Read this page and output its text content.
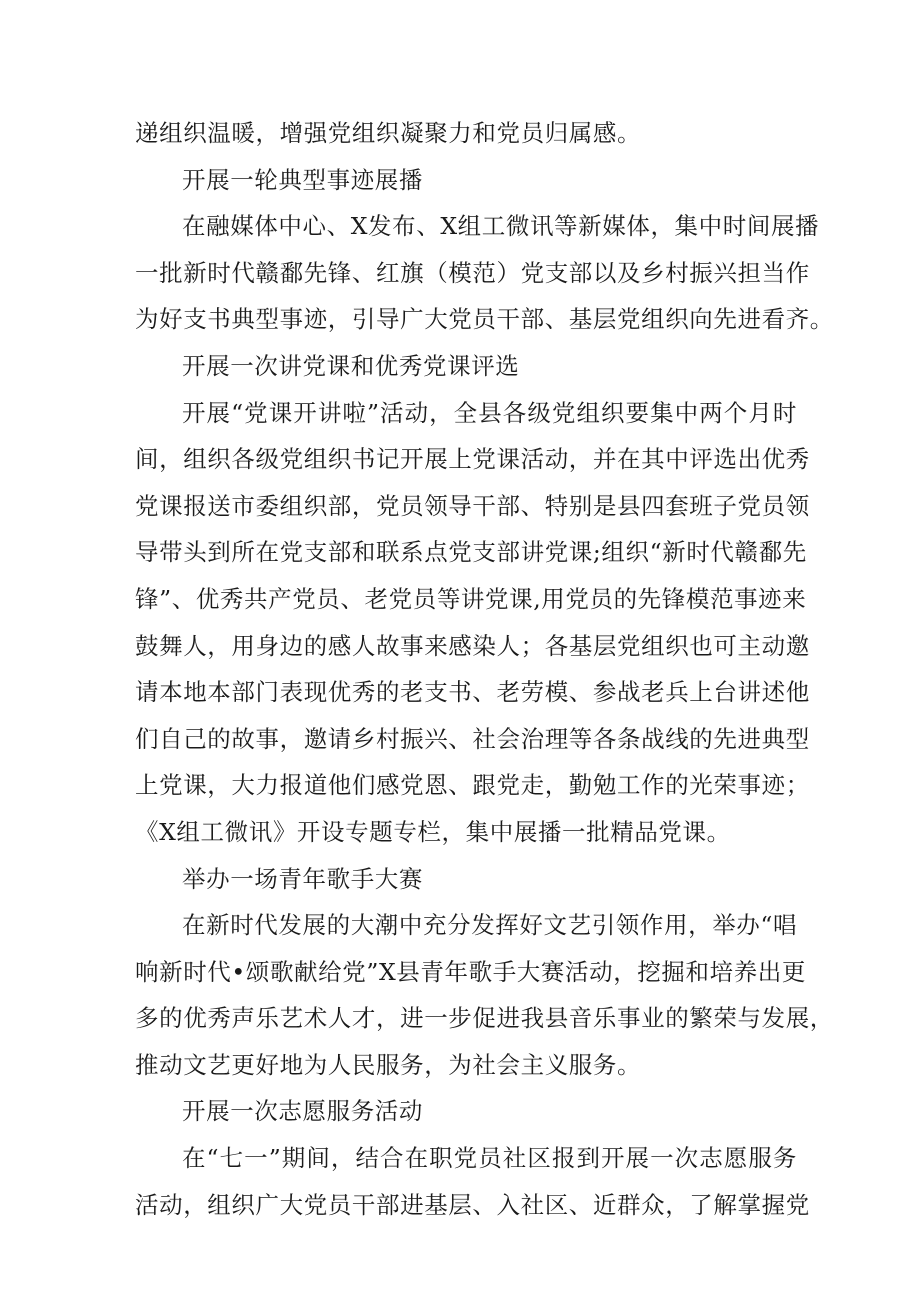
递组织温暖，增强党组织凝聚力和党员归属感。
开展一轮典型事迹展播
在融媒体中心、X发布、X组工微讯等新媒体，集中时间展播
一批新时代赣鄱先锋、红旗（模范）党支部以及乡村振兴担当作
为好支书典型事迹，引导广大党员干部、基层党组织向先进看齐。
开展一次讲党课和优秀党课评选
开展“党课开讲啦”活动，全县各级党组织要集中两个月时
间，组织各级党组织书记开展上党课活动，并在其中评选出优秀
党课报送市委组织部，党员领导干部、特别是县四套班子党员领
导带头到所在党支部和联系点党支部讲党课;组织“新时代赣鄱先
锋”、优秀共产党员、老党员等讲党课,用党员的先锋模范事迹来
鼓舞人，用身边的感人故事来感染人；各基层党组织也可主动邀
请本地本部门表现优秀的老支书、老劳模、参战老兵上台讲述他
们自己的故事，邀请乡村振兴、社会治理等各条战线的先进典型
上党课，大力报道他们感党恩、跟党走，勤勉工作的光荣事迹；
《X组工微讯》开设专题专栏，集中展播一批精品党课。
举办一场青年歌手大赛
在新时代发展的大潮中充分发挥好文艺引领作用，举办“唱
响新时代•颂歌献给党”X县青年歌手大赛活动，挖掘和培养出更
多的优秀声乐艺术人才，进一步促进我县音乐事业的繁荣与发展，
推动文艺更好地为人民服务，为社会主义服务。
开展一次志愿服务活动
在“七一”期间，结合在职党员社区报到开展一次志愿服务
活动，组织广大党员干部进基层、入社区、近群众，了解掌握党
